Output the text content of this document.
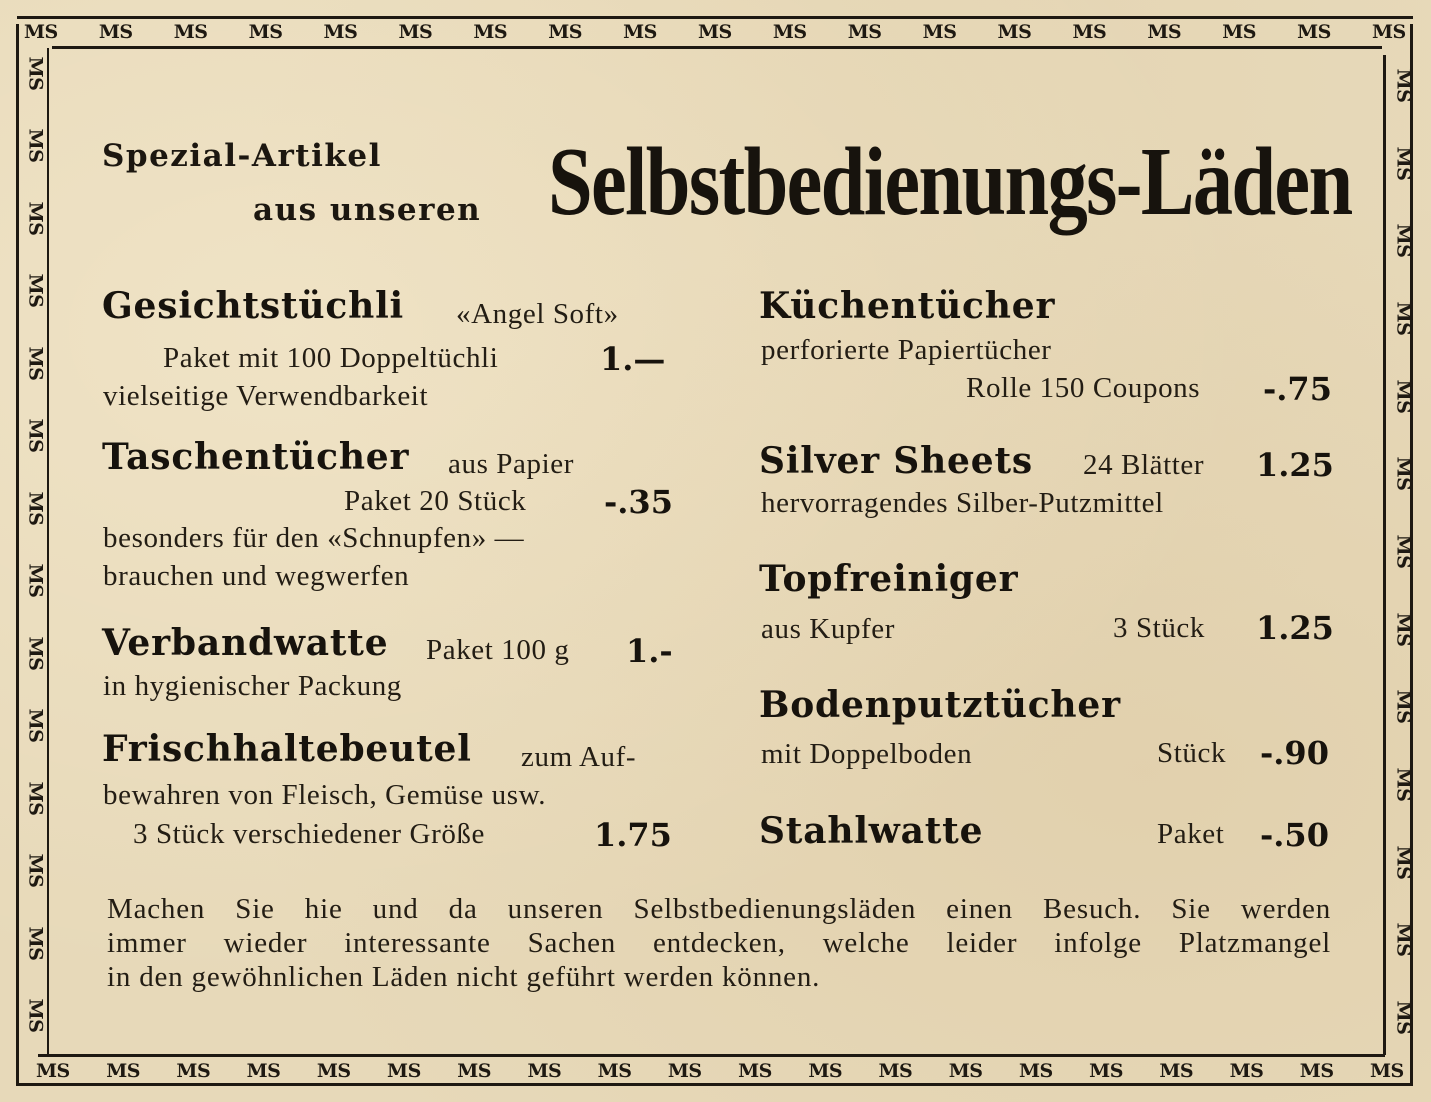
MS MS MS MS MS MS MS MS MS MS MS MS MS MS MS MS MS MS MS
MS MS MS MS MS MS MS MS MS MS MS MS MS MS MS MS MS MS MS MS
MS
MS
MS
MS
MS
MS
MS
MS
MS
MS
MS
MS
MS
MS
MS
MS
MS
MS
MS
MS
MS
MS
MS
MS
MS
MS
MS
Spezial-Artikel
aus unseren Selbstbedienungs-Läden
Gesichtstüchli «Angel Soft»
Paket mit 100 Doppeltüchli	1.—
vielseitige Verwendbarkeit
Taschentücher aus Papier
Paket 20 Stück -.35
besonders für den «Schnupfen» —
brauchen und wegwerfen
Verbandwatte Paket 100 g 1.-
in hygienischer Packung
Frischhaltebeutel zum Auf-
bewahren von Fleisch, Gemüse usw.
3 Stück verschiedener Größe	1.75
Küchentücher
perforierte Papiertücher
Rolle 150 Coupons -.75
Silver Sheets 24 Blätter 1.25
hervorragendes Silber-Putzmittel
Topfreiniger
aus Kupfer	3 Stück 1.25
Bodenputztücher
mit Doppelboden	Stück -.90
Stahlwatte	Paket -.50
Machen Sie hie und da unseren Selbstbedienungsläden einen Besuch. Sie werden
immer wieder interessante Sachen entdecken, welche leider infolge Platzmangel
in den gewöhnlichen Läden nicht geführt werden können.
